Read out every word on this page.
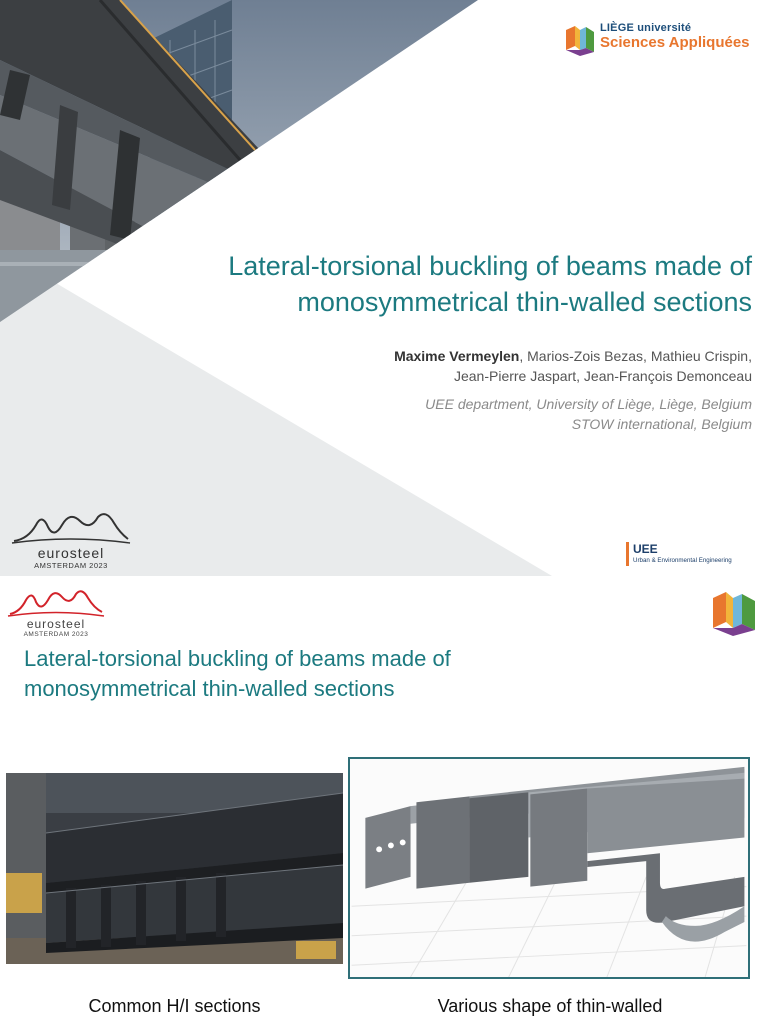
LIÈGE université
Sciences Appliquées
Lateral-torsional buckling of beams made of
monosymmetrical thin-walled sections
Maxime Vermeylen, Marios-Zois Bezas, Mathieu Crispin,
Jean-Pierre Jaspart, Jean-François Demonceau
UEE department, University of Liège, Liège, Belgium
STOW international, Belgium
eurosteel
AMSTERDAM 2023
UEE
Urban & Environmental Engineering
eurosteel
AMSTERDAM 2023
Lateral-torsional buckling of beams made of
monosymmetrical thin-walled sections
Common H/I sections	Various shape of thin-walled
